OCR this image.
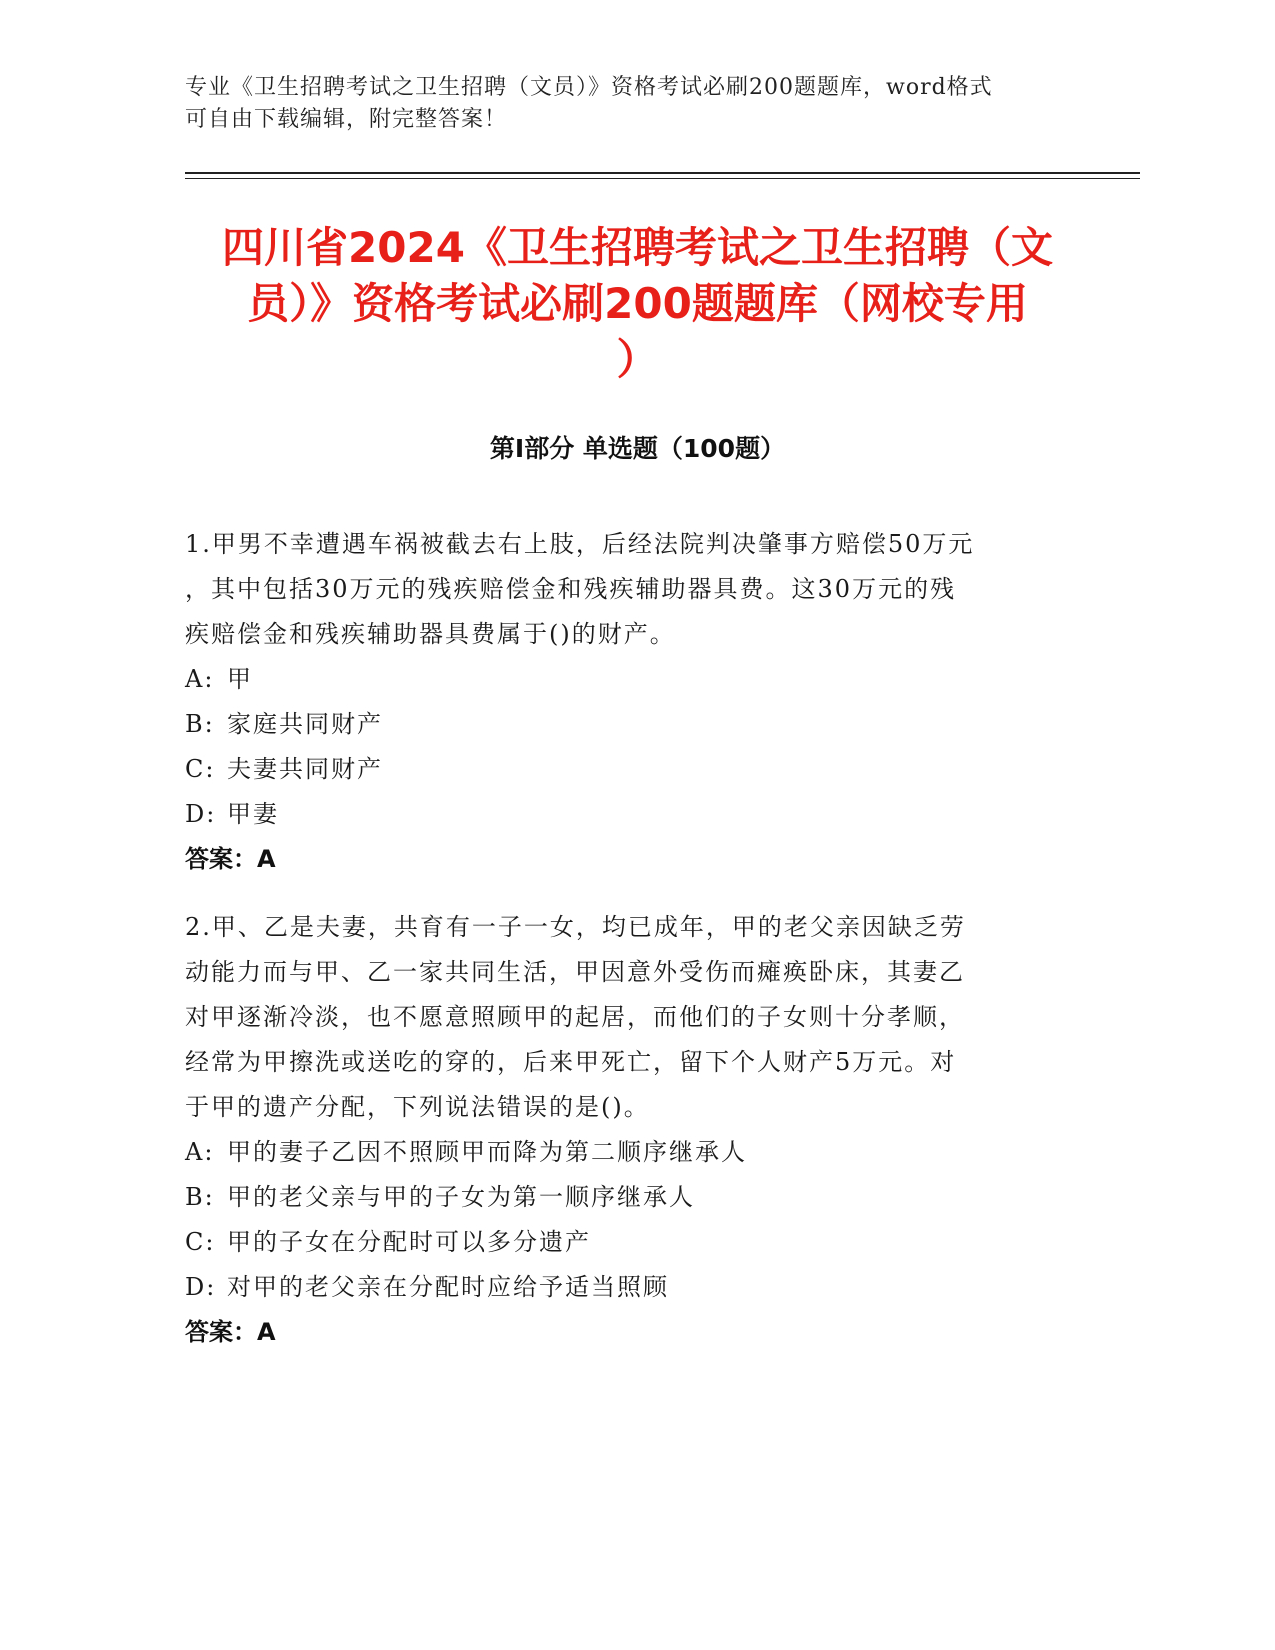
专业《卫生招聘考试之卫生招聘（文员）》资格考试必刷200题题库，word格式
可自由下载编辑，附完整答案！
四川省2024《卫生招聘考试之卫生招聘（文
员）》资格考试必刷200题题库（网校专用
）
第Ⅰ部分 单选题（100题）

1.甲男不幸遭遇车祸被截去右上肢，后经法院判决肇事方赔偿50万元

，其中包括30万元的残疾赔偿金和残疾辅助器具费。这30万元的残

疾赔偿金和残疾辅助器具费属于()的财产。

A: 甲

B: 家庭共同财产

C: 夫妻共同财产

D: 甲妻

答案：A

2.甲、乙是夫妻，共育有一子一女，均已成年，甲的老父亲因缺乏劳

动能力而与甲、乙一家共同生活，甲因意外受伤而瘫痪卧床，其妻乙

对甲逐渐冷淡，也不愿意照顾甲的起居，而他们的子女则十分孝顺，

经常为甲擦洗或送吃的穿的，后来甲死亡，留下个人财产5万元。对

于甲的遗产分配，下列说法错误的是()。

A: 甲的妻子乙因不照顾甲而降为第二顺序继承人

B: 甲的老父亲与甲的子女为第一顺序继承人

C: 甲的子女在分配时可以多分遗产

D: 对甲的老父亲在分配时应给予适当照顾

答案：A
